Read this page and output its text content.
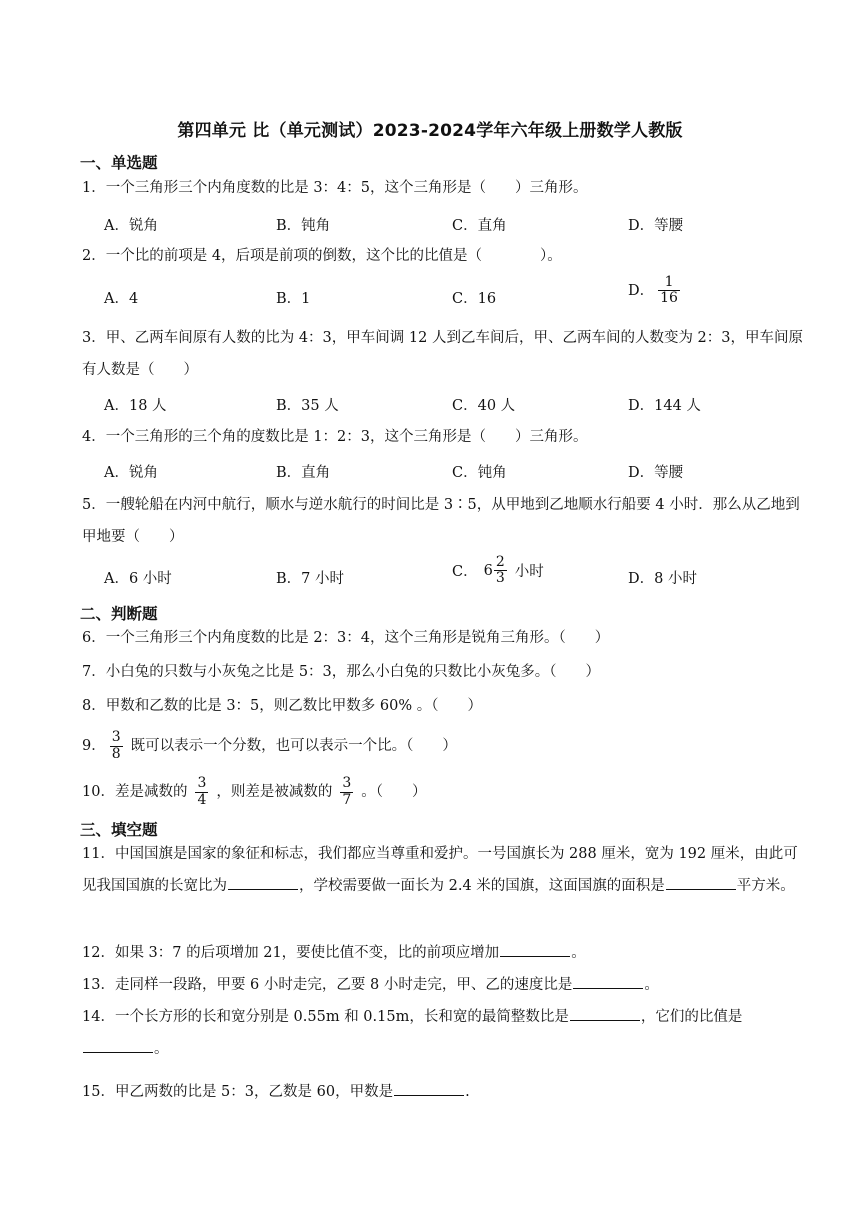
第四单元 比（单元测试）2023-2024学年六年级上册数学人教版
一、单选题
1．一个三角形三个内角度数的比是 3：4：5，这个三角形是（　　）三角形。
A．锐角	B．钝角	C．直角	D．等腰
2．一个比的前项是 4，后项是前项的倒数，这个比的比值是（　　　　）。
A．4	B．1	C．16
D． $\frac{1}{16}$
3．甲、乙两车间原有人数的比为 4：3，甲车间调 12 人到乙车间后，甲、乙两车间的人数变为 2：3，甲车间原有人数是（　　）
A．18 人	B．35 人	C．40 人	D．144 人
4．一个三角形的三个角的度数比是 1：2：3，这个三角形是（　　）三角形。
A．锐角	B．直角	C．钝角	D．等腰
5．一艘轮船在内河中航行，顺水与逆水航行的时间比是 3∶5，从甲地到乙地顺水行船要 4 小时．那么从乙地到甲地要（　　）
A．6 小时	B．7 小时	C． $6 \frac{2}{3}$ 小时	D．8 小时
二、判断题
6．一个三角形三个内角度数的比是 2：3：4，这个三角形是锐角三角形。（　　）
7．小白兔的只数与小灰兔之比是 5：3，那么小白兔的只数比小灰兔多。（　　）
8．甲数和乙数的比是 3：5，则乙数比甲数多 60% 。（　　）
9． $\frac{3}{8}$ 既可以表示一个分数，也可以表示一个比。（　　）
10．差是减数的 $\frac{3}{4}$ ，则差是被减数的 $\frac{3}{7}$ 。（　　）
三、填空题
11．中国国旗是国家的象征和标志，我们都应当尊重和爱护。一号国旗长为 288 厘米，宽为 192 厘米，由此可见我国国旗的长宽比为	，学校需要做一面长为 2.4 米的国旗，这面国旗的面积是	平方米。
12．如果 3：7 的后项增加 21，要使比值不变，比的前项应增加	。
13．走同样一段路，甲要 6 小时走完，乙要 8 小时走完，甲、乙的速度比是	。
14．一个长方形的长和宽分别是 0.55m 和 0.15m，长和宽的最简整数比是	，它们的比值是。
15．甲乙两数的比是 5：3，乙数是 60，甲数是	.
